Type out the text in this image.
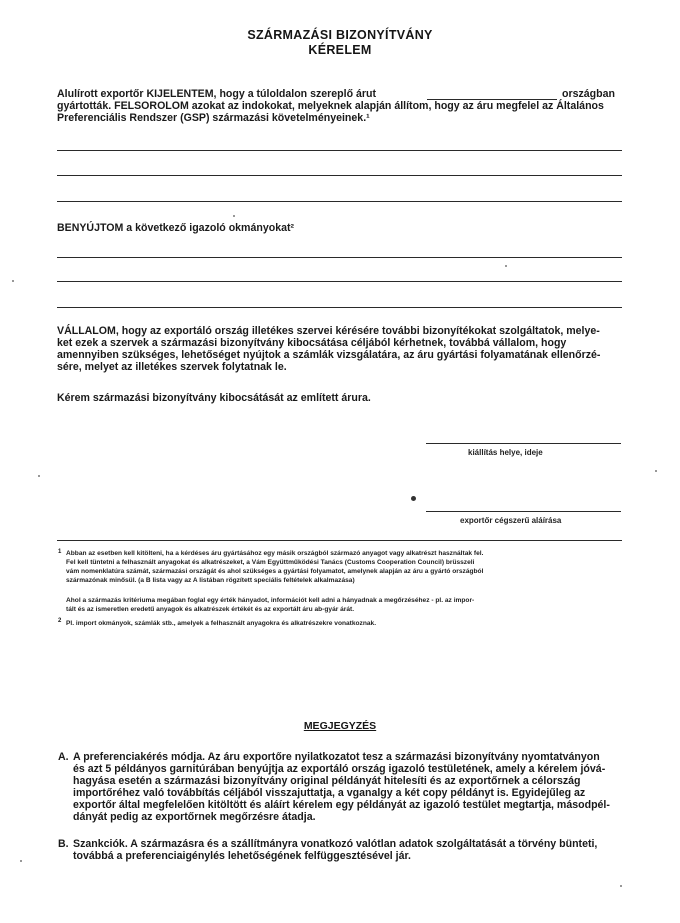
SZÁRMAZÁSI BIZONYÍTVÁNY
KÉRELEM
Alulírott exportőr KIJELENTEM, hogy a túloldalon szereplő árut	országban
gyártották. FELSOROLOM azokat az indokokat, melyeknek alapján állítom, hogy az áru megfelel az Általános
Preferenciális Rendszer (GSP) származási követelményeinek.¹
BENYÚJTOM a következő igazoló okmányokat²
VÁLLALOM, hogy az exportáló ország illetékes szervei kérésére további bizonyítékokat szolgáltatok, melye-
ket ezek a szervek a származási bizonyítvány kibocsátása céljából kérhetnek, továbbá vállalom, hogy
amennyiben szükséges, lehetőséget nyújtok a számlák vizsgálatára, az áru gyártási folyamatának ellenőrzé-
sére, melyet az illetékes szervek folytatnak le.
Kérem származási bizonyítvány kibocsátását az említett árura.
kiállítás helye, ideje
exportőr cégszerű aláírása
1 Abban az esetben kell kitölteni, ha a kérdéses áru gyártásához egy másik országból származó anyagot vagy alkatrészt használtak fel.
Fel kell tüntetni a felhasznált anyagokat és alkatrészeket, a Vám Együttműködési Tanács (Customs Cooperation Council) brüsszeli
vám nomenklatúra számát, származási országát és ahol szükséges a gyártási folyamatot, amelynek alapján az áru a gyártó országból
származónak minősül. (a B lista vagy az A listában rögzített speciális feltételek alkalmazása)
Ahol a származás kritériuma megában foglal egy érték hányadot, információt kell adni a hányadnak a megőrzéséhez - pl. az impor-
tált és az ismeretlen eredetű anyagok és alkatrészek értékét és az exportált áru ab-gyár árát.
2 Pl. import okmányok, számlák stb., amelyek a felhasznált anyagokra és alkatrészekre vonatkoznak.
MEGJEGYZÉS
A. A preferenciakérés módja. Az áru exportőre nyilatkozatot tesz a származási bizonyítvány nyomtatványon
és azt 5 példányos garnitúrában benyújtja az exportáló ország igazoló testületének, amely a kérelem jóvá-
hagyása esetén a származási bizonyítvány original példányát hitelesíti és az exportőrnek a célország
importőréhez való továbbítás céljából visszajuttatja, a vganalgy a két copy példányt is. Egyidejűleg az
exportőr által megfelelően kitöltött és aláírt kérelem egy példányát az igazoló testület megtartja, másodpél-
dányát pedig az exportőrnek megőrzésre átadja.
B. Szankciók. A származásra és a szállítmányra vonatkozó valótlan adatok szolgáltatását a törvény bünteti,
továbbá a preferenciaigénylés lehetőségének felfüggesztésével jár.
